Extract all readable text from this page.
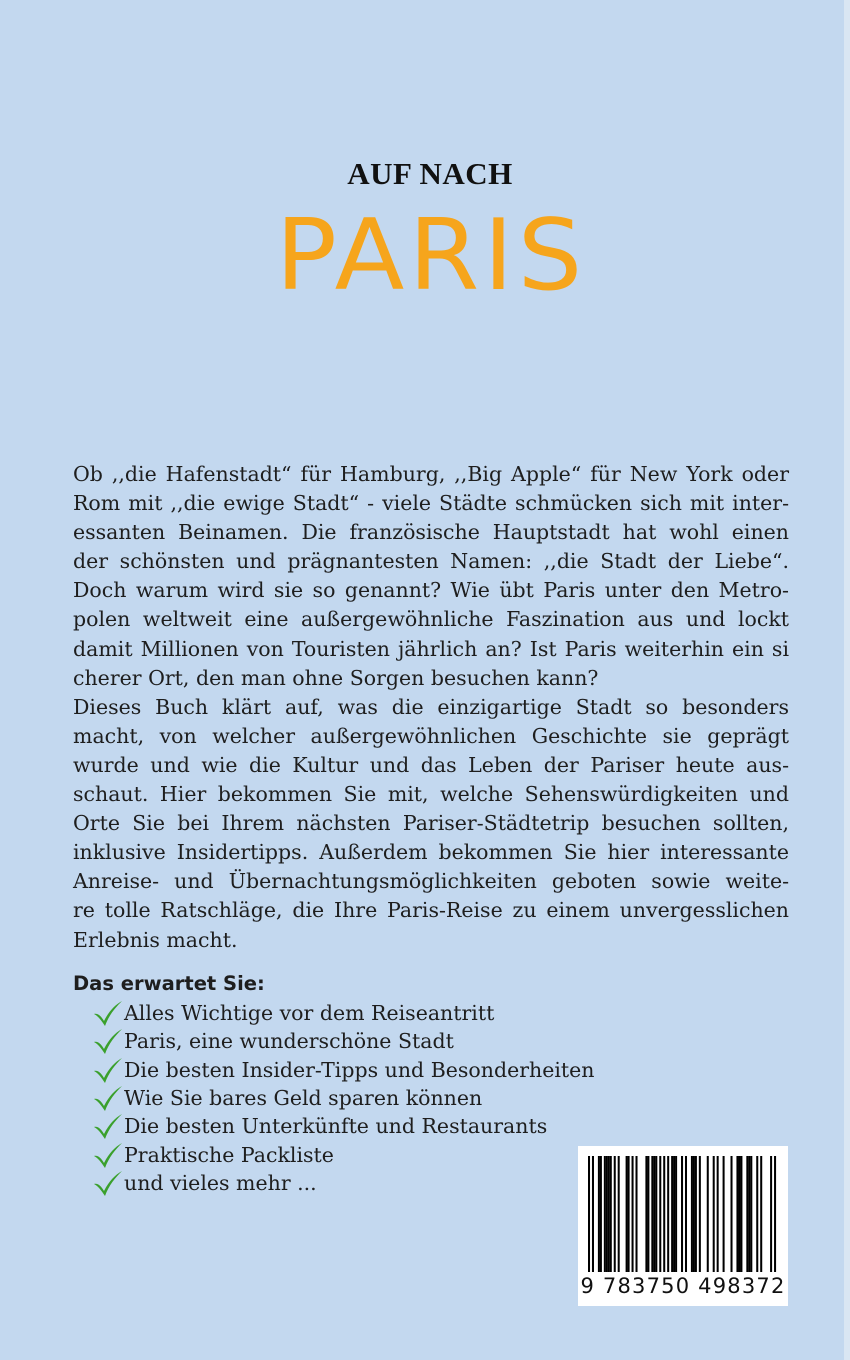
AUF NACH
PARIS
Ob ,,die Hafenstadt“ für Hamburg, ,,Big Apple“ für New York oder
Rom mit ,,die ewige Stadt“ - viele Städte schmücken sich mit inter-
essanten Beinamen. Die französische Hauptstadt hat wohl einen
der schönsten und prägnantesten Namen: ,,die Stadt der Liebe“.
Doch warum wird sie so genannt? Wie übt Paris unter den Metro-
polen weltweit eine außergewöhnliche Faszination aus und lockt
damit Millionen von Touristen jährlich an? Ist Paris weiterhin ein si
cherer Ort, den man ohne Sorgen besuchen kann?
Dieses Buch klärt auf, was die einzigartige Stadt so besonders
macht, von welcher außergewöhnlichen Geschichte sie geprägt
wurde und wie die Kultur und das Leben der Pariser heute aus-
schaut. Hier bekommen Sie mit, welche Sehenswürdigkeiten und
Orte Sie bei Ihrem nächsten Pariser-Städtetrip besuchen sollten,
inklusive Insidertipps. Außerdem bekommen Sie hier interessante
Anreise- und Übernachtungsmöglichkeiten geboten sowie weite-
re tolle Ratschläge, die Ihre Paris-Reise zu einem unvergesslichen
Erlebnis macht.
Das erwartet Sie:
Alles Wichtige vor dem Reiseantritt
Paris, eine wunderschöne Stadt
Die besten Insider-Tipps und Besonderheiten
Wie Sie bares Geld sparen können
Die besten Unterkünfte und Restaurants
Praktische Packliste
und vieles mehr ...
9 783750 498372
